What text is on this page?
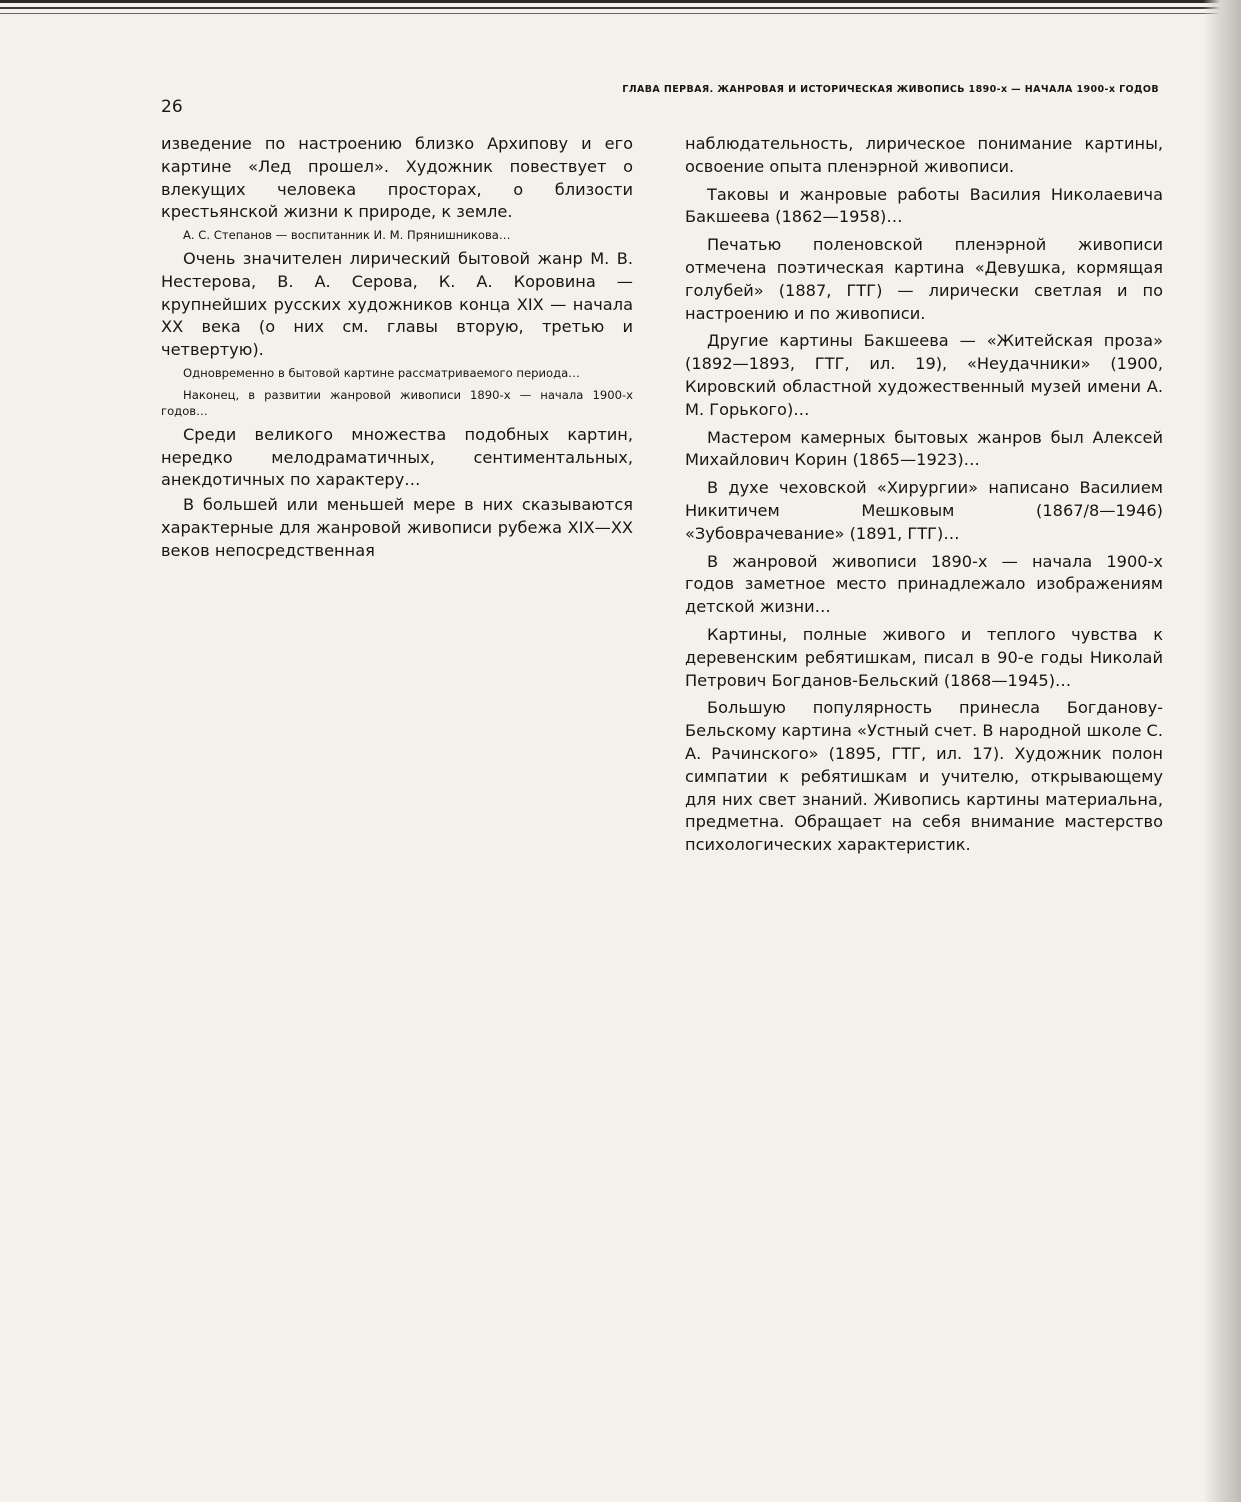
26

ГЛАВА ПЕРВАЯ. ЖАНРОВАЯ И ИСТОРИЧЕСКАЯ ЖИВОПИСЬ 1890-х — НАЧАЛА 1900-х ГОДОВ

изведение по настроению близко Архипову и его картине «Лед прошел». Художник повествует о влекущих человека просторах, о близости крестьянской жизни к природе, к земле.

А. С. Степанов — воспитанник И. М. Прянишникова…

Очень значителен лирический бытовой жанр М. В. Нестерова, В. А. Серова, К. А. Коровина — крупнейших русских художников конца XIX — начала XX века (о них см. главы вторую, третью и четвертую).

Одновременно в бытовой картине рассматриваемого периода…

Наконец, в развитии жанровой живописи 1890-х — начала 1900-х годов…

Среди великого множества подобных картин, нередко мелодраматичных, сентиментальных, анекдотичных по характеру…

В большей или меньшей мере в них сказываются характерные для жанровой живописи рубежа XIX—XX веков непосредственная

наблюдательность, лирическое понимание картины, освоение опыта пленэрной живописи.

Таковы и жанровые работы Василия Николаевича Бакшеева (1862—1958)…

Печатью поленовской пленэрной живописи отмечена поэтическая картина «Девушка, кормящая голубей» (1887, ГТГ) — лирически светлая и по настроению и по живописи.

Другие картины Бакшеева — «Житейская проза» (1892—1893, ГТГ, ил. 19), «Неудачники» (1900, Кировский областной художественный музей имени А. М. Горького)…

Мастером камерных бытовых жанров был Алексей Михайлович Корин (1865—1923)…

В духе чеховской «Хирургии» написано Василием Никитичем Мешковым (1867/8—1946) «Зубоврачевание» (1891, ГТГ)…

В жанровой живописи 1890-х — начала 1900-х годов заметное место принадлежало изображениям детской жизни…

Картины, полные живого и теплого чувства к деревенским ребятишкам, писал в 90-е годы Николай Петрович Богданов-Бельский (1868—1945)…

Большую популярность принесла Богданову-Бельскому картина «Устный счет. В народной школе С. А. Рачинского» (1895, ГТГ, ил. 17). Художник полон симпатии к ребятишкам и учителю, открывающему для них свет знаний. Живопись картины материальна, предметна. Обращает на себя внимание мастерство психологических характеристик.
